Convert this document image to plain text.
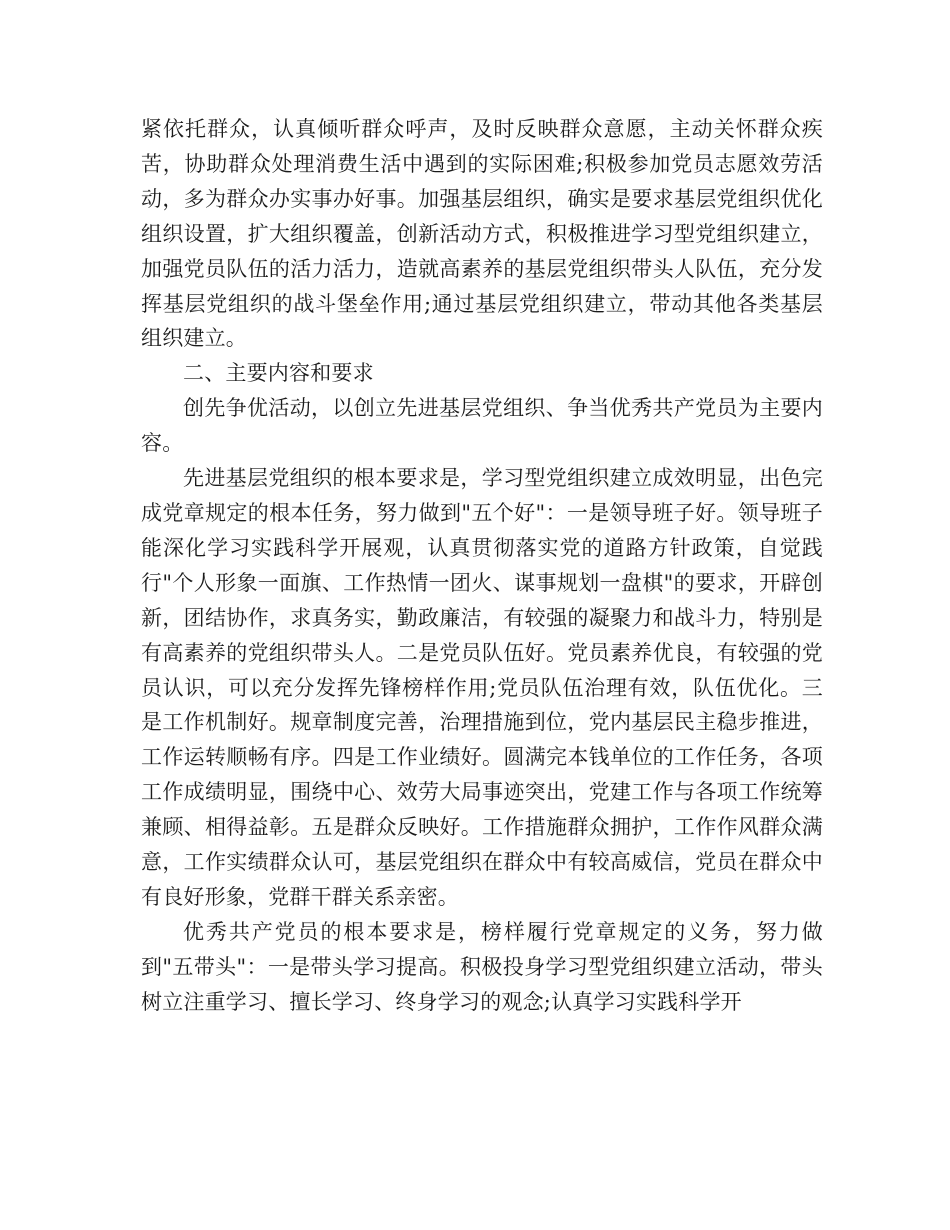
紧依托群众，认真倾听群众呼声，及时反映群众意愿，主动关怀群众疾苦，协助群众处理消费生活中遇到的实际困难;积极参加党员志愿效劳活动，多为群众办实事办好事。加强基层组织，确实是要求基层党组织优化组织设置，扩大组织覆盖，创新活动方式，积极推进学习型党组织建立，加强党员队伍的活力活力，造就高素养的基层党组织带头人队伍，充分发挥基层党组织的战斗堡垒作用;通过基层党组织建立，带动其他各类基层组织建立。

二、主要内容和要求

创先争优活动，以创立先进基层党组织、争当优秀共产党员为主要内容。

先进基层党组织的根本要求是，学习型党组织建立成效明显，出色完成党章规定的根本任务，努力做到"五个好"：一是领导班子好。领导班子能深化学习实践科学开展观，认真贯彻落实党的道路方针政策，自觉践行"个人形象一面旗、工作热情一团火、谋事规划一盘棋"的要求，开辟创新，团结协作，求真务实，勤政廉洁，有较强的凝聚力和战斗力，特别是有高素养的党组织带头人。二是党员队伍好。党员素养优良，有较强的党员认识，可以充分发挥先锋榜样作用;党员队伍治理有效，队伍优化。三是工作机制好。规章制度完善，治理措施到位，党内基层民主稳步推进，工作运转顺畅有序。四是工作业绩好。圆满完本钱单位的工作任务，各项工作成绩明显，围绕中心、效劳大局事迹突出，党建工作与各项工作统筹兼顾、相得益彰。五是群众反映好。工作措施群众拥护，工作作风群众满意，工作实绩群众认可，基层党组织在群众中有较高威信，党员在群众中有良好形象，党群干群关系亲密。

优秀共产党员的根本要求是，榜样履行党章规定的义务，努力做到"五带头"：一是带头学习提高。积极投身学习型党组织建立活动，带头树立注重学习、擅长学习、终身学习的观念;认真学习实践科学开
